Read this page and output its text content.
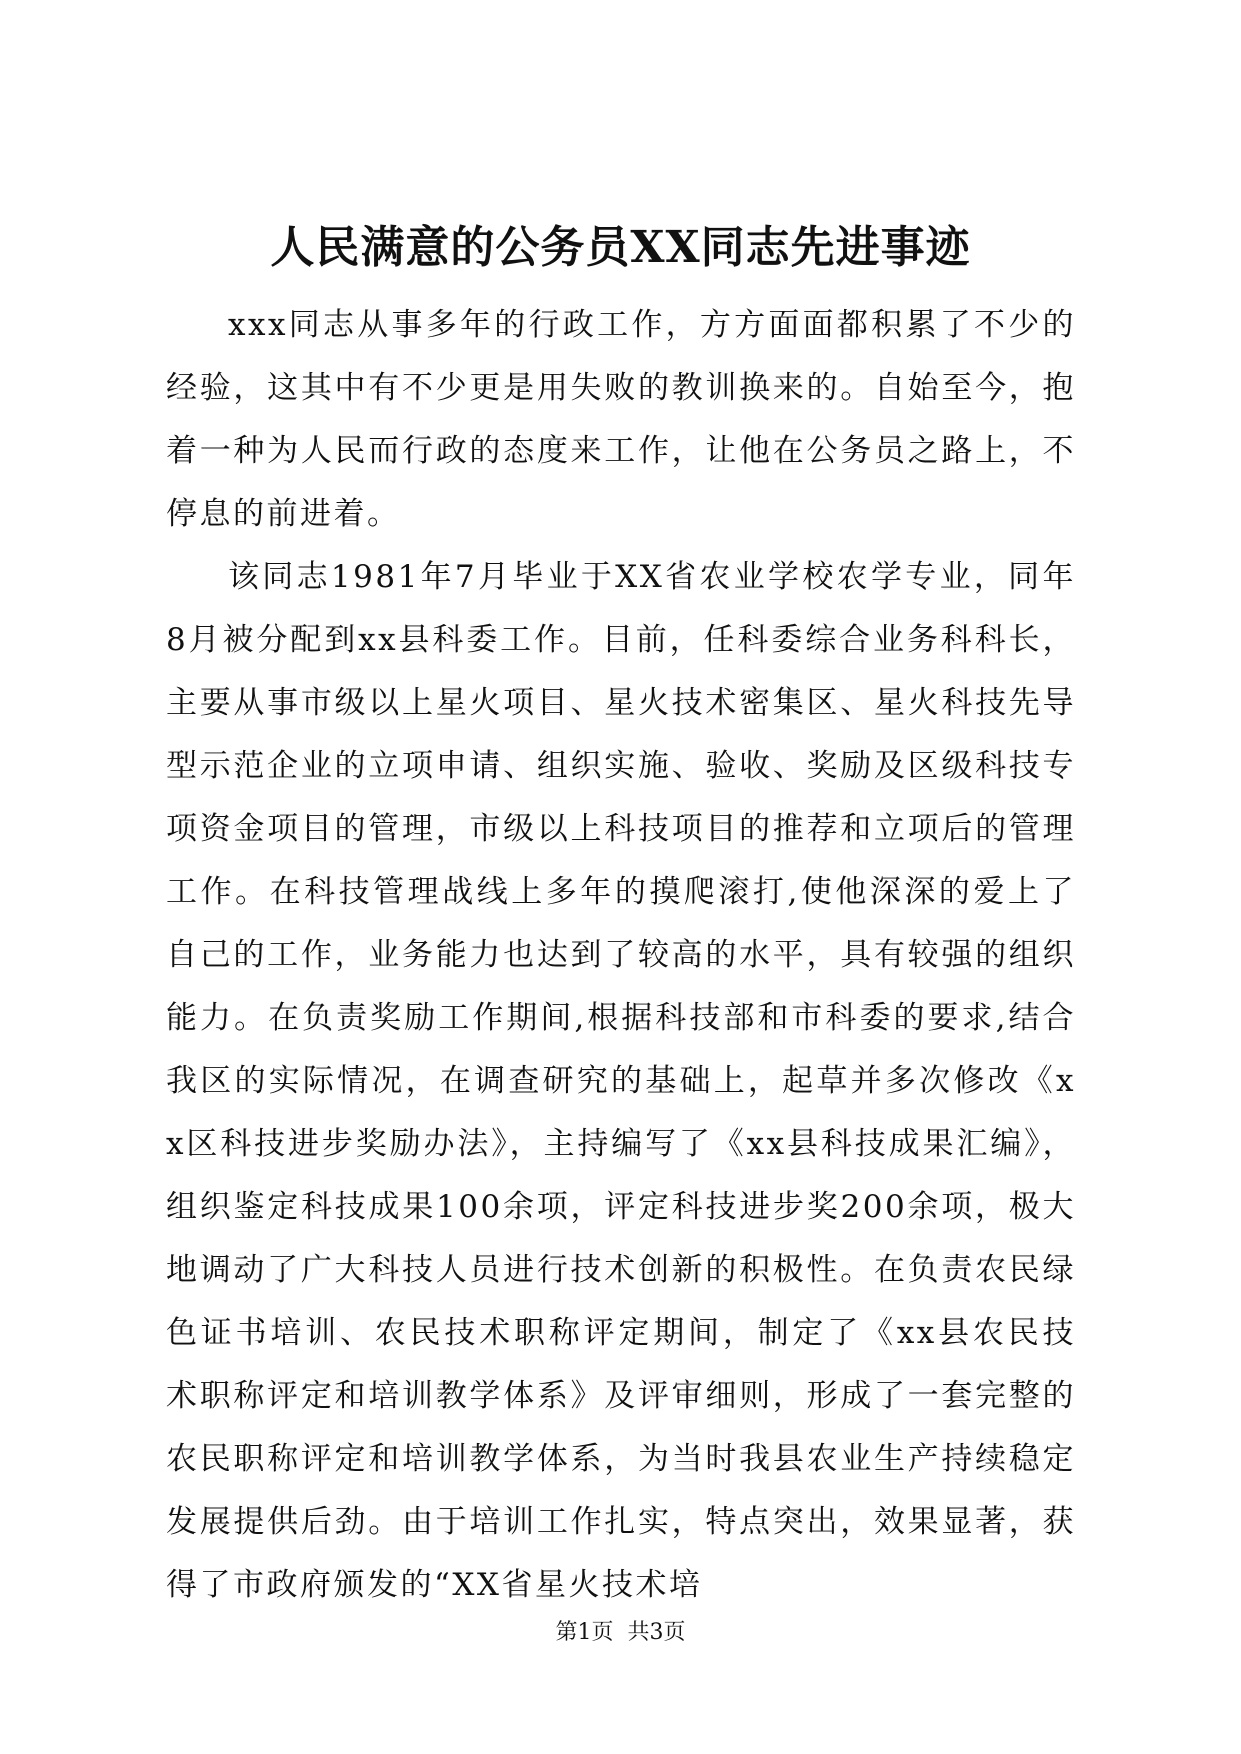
人民满意的公务员XX同志先进事迹

xxx同志从事多年的行政工作，方方面面都积累了不少的经验，这其中有不少更是用失败的教训换来的。自始至今，抱着一种为人民而行政的态度来工作，让他在公务员之路上，不停息的前进着。

该同志1981年7月毕业于XX省农业学校农学专业，同年8月被分配到xx县科委工作。目前，任科委综合业务科科长，主要从事市级以上星火项目、星火技术密集区、星火科技先导型示范企业的立项申请、组织实施、验收、奖励及区级科技专项资金项目的管理，市级以上科技项目的推荐和立项后的管理工作。在科技管理战线上多年的摸爬滚打,使他深深的爱上了自己的工作，业务能力也达到了较高的水平，具有较强的组织能力。在负责奖励工作期间,根据科技部和市科委的要求,结合我区的实际情况，在调查研究的基础上，起草并多次修改《xx区科技进步奖励办法》，主持编写了《xx县科技成果汇编》，组织鉴定科技成果100余项，评定科技进步奖200余项，极大地调动了广大科技人员进行技术创新的积极性。在负责农民绿色证书培训、农民技术职称评定期间，制定了《xx县农民技术职称评定和培训教学体系》及评审细则，形成了一套完整的农民职称评定和培训教学体系，为当时我县农业生产持续稳定发展提供后劲。由于培训工作扎实，特点突出，效果显著，获得了市政府颁发的“XX省星火技术培

第1页  共3页
